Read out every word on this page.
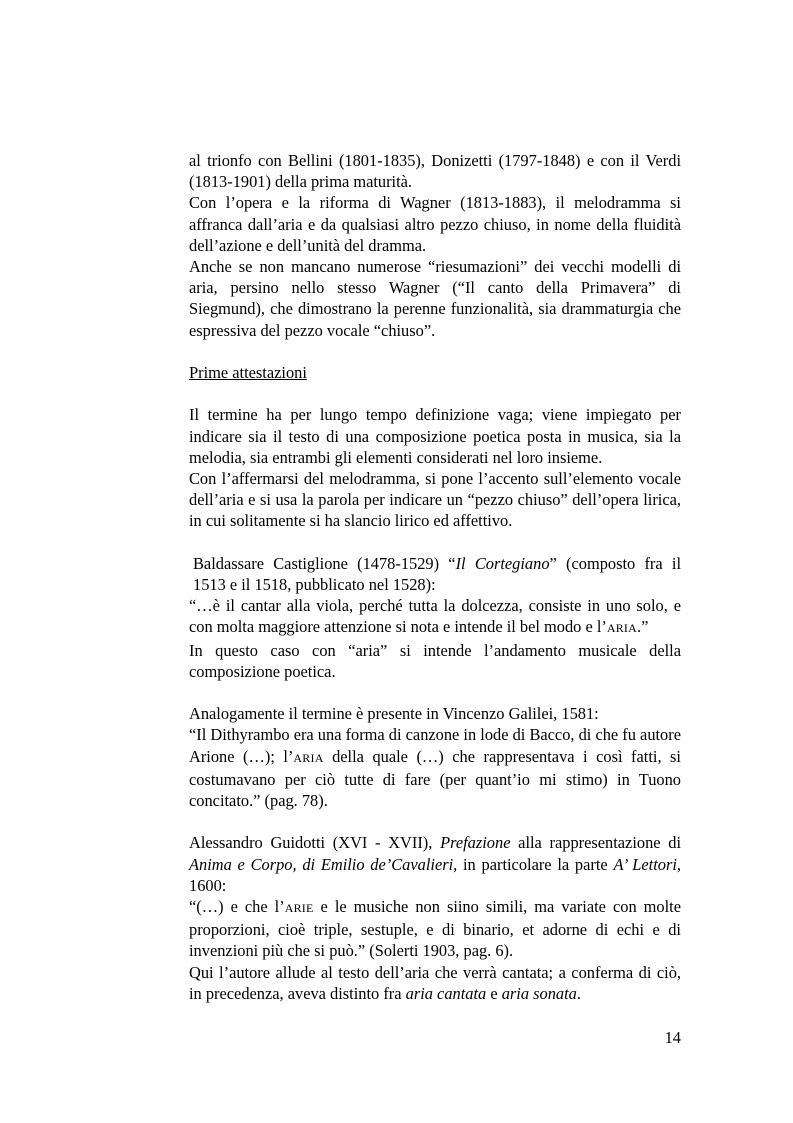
al trionfo con Bellini (1801-1835), Donizetti (1797-1848) e con il Verdi (1813-1901) della prima maturità.

Con l’opera e la riforma di Wagner (1813-1883), il melodramma si affranca dall’aria e da qualsiasi altro pezzo chiuso, in nome della fluidità dell’azione e dell’unità del dramma.

Anche se non mancano numerose “riesumazioni” dei vecchi modelli di aria, persino nello stesso Wagner (“Il canto della Primavera” di Siegmund), che dimostrano la perenne funzionalità, sia drammaturgia che espressiva del pezzo vocale “chiuso”.

Prime attestazioni

Il termine ha per lungo tempo definizione vaga; viene impiegato per indicare sia il testo di una composizione poetica posta in musica, sia la melodia, sia entrambi gli elementi considerati nel loro insieme.

Con l’affermarsi del melodramma, si pone l’accento sull’elemento vocale dell’aria e si usa la parola per indicare un “pezzo chiuso” dell’opera lirica, in cui solitamente si ha slancio lirico ed affettivo.

Baldassare Castiglione (1478-1529) “Il Cortegiano” (composto fra il 1513 e il 1518, pubblicato nel 1528):

“…è il cantar alla viola, perché tutta la dolcezza, consiste in uno solo, e con molta maggiore attenzione si nota e intende il bel modo e l’ARIA.”

In questo caso con “aria” si intende l’andamento musicale della composizione poetica.

Analogamente il termine è presente in Vincenzo Galilei, 1581:

“Il Dithyrambo era una forma di canzone in lode di Bacco, di che fu autore Arione (…); l’ARIA della quale (…) che rappresentava i così fatti, si costumavano per ciò tutte di fare (per quant’io mi stimo) in Tuono concitato.” (pag. 78).

Alessandro Guidotti (XVI - XVII), Prefazione alla rappresentazione di Anima e Corpo, di Emilio de’Cavalieri, in particolare la parte A’ Lettori, 1600:

“(…) e che l’ARIE e le musiche non siino simili, ma variate con molte proporzioni, cioè triple, sestuple, e di binario, et adorne di echi e di invenzioni più che si può.” (Solerti 1903, pag. 6).

Qui l’autore allude al testo dell’aria che verrà cantata; a conferma di ciò, in precedenza, aveva distinto fra aria cantata e aria sonata.

14
